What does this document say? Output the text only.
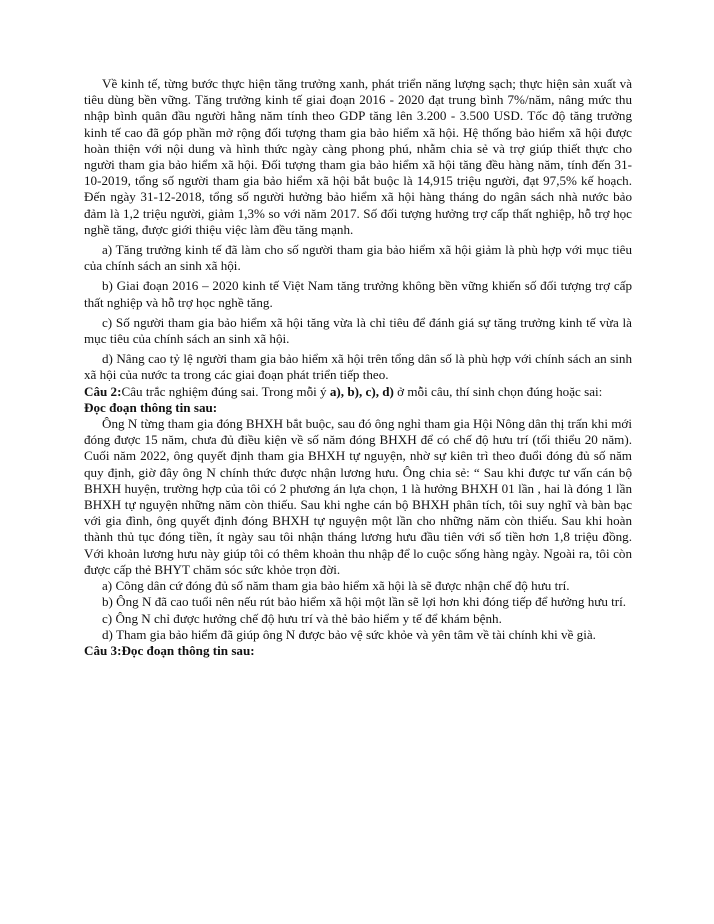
Về kinh tế, từng bước thực hiện tăng trưởng xanh, phát triển năng lượng sạch; thực hiện sản xuất và tiêu dùng bền vững. Tăng trưởng kinh tế giai đoạn 2016 - 2020 đạt trung bình 7%/năm, nâng mức thu nhập bình quân đầu người hằng năm tính theo GDP tăng lên 3.200 - 3.500 USD. Tốc độ tăng trưởng kinh tế cao đã góp phần mở rộng đối tượng tham gia bảo hiểm xã hội. Hệ thống bảo hiểm xã hội được hoàn thiện với nội dung và hình thức ngày càng phong phú, nhằm chia sẻ và trợ giúp thiết thực cho người tham gia bảo hiểm xã hội. Đối tượng tham gia bảo hiểm xã hội tăng đều hàng năm, tính đến 31-10-2019, tổng số người tham gia bảo hiểm xã hội bắt buộc là 14,915 triệu người, đạt 97,5% kế hoạch. Đến ngày 31-12-2018, tổng số người hưởng bảo hiểm xã hội hàng tháng do ngân sách nhà nước bảo đảm là 1,2 triệu người, giảm 1,3% so với năm 2017. Số đối tượng hưởng trợ cấp thất nghiệp, hỗ trợ học nghề tăng, được giới thiệu việc làm đều tăng mạnh.

a) Tăng trưởng kinh tế đã làm cho số người tham gia bảo hiểm xã hội giảm là phù hợp với mục tiêu của chính sách an sinh xã hội.

b) Giai đoạn 2016 – 2020 kinh tế Việt Nam tăng trưởng không bền vững khiến số đối tượng trợ cấp thất nghiệp và hỗ trợ học nghề tăng.

c) Số người tham gia bảo hiểm xã hội tăng vừa là chỉ tiêu để đánh giá sự tăng trưởng kinh tế vừa là mục tiêu của chính sách an sinh xã hội.

d) Nâng cao tỷ lệ người tham gia bảo hiểm xã hội trên tổng dân số là phù hợp với chính sách an sinh xã hội của nước ta trong các giai đoạn phát triển tiếp theo.

Câu 2:Câu trắc nghiệm đúng sai. Trong mỗi ý a), b), c), d) ở mỗi câu, thí sinh chọn đúng hoặc sai:

Đọc đoạn thông tin sau:

Ông N từng tham gia đóng BHXH bắt buộc, sau đó ông nghỉ tham gia Hội Nông dân thị trấn khi mới đóng được 15 năm, chưa đủ điều kiện về số năm đóng BHXH để có chế độ hưu trí (tối thiểu 20 năm). Cuối năm 2022, ông quyết định tham gia BHXH tự nguyện, nhờ sự kiên trì theo đuổi đóng đủ số năm quy định, giờ đây ông N chính thức được nhận lương hưu. Ông chia sẻ: “ Sau khi được tư vấn cán bộ BHXH huyện, trường hợp của tôi có 2 phương án lựa chọn, 1 là hưởng BHXH 01 lần , hai là đóng 1 lần BHXH tự nguyện những năm còn thiếu. Sau khi nghe cán bộ BHXH phân tích, tôi suy nghĩ và bàn bạc với gia đình, ông quyết định đóng BHXH tự nguyện một lần cho những năm còn thiếu. Sau khi hoàn thành thủ tục đóng tiền, ít ngày sau tôi nhận tháng lương hưu đầu tiên với số tiền hơn 1,8 triệu đồng. Với khoản lương hưu này giúp tôi có thêm khoản thu nhập để lo cuộc sống hàng ngày. Ngoài ra, tôi còn được cấp thẻ BHYT chăm sóc sức khỏe trọn đời.

a) Công dân cứ đóng đủ số năm tham gia bảo hiểm xã hội là sẽ được nhận chế độ hưu trí.

b) Ông N đã cao tuổi nên nếu rút bảo hiểm xã hội một lần sẽ lợi hơn khi đóng tiếp để hưởng hưu trí.

c) Ông N chỉ được hưởng chế độ hưu trí và thẻ bảo hiểm y tế để khám bệnh.

d) Tham gia bảo hiểm đã giúp ông N được bảo vệ sức khỏe và yên tâm về tài chính khi về già.

Câu 3:Đọc đoạn thông tin sau:
